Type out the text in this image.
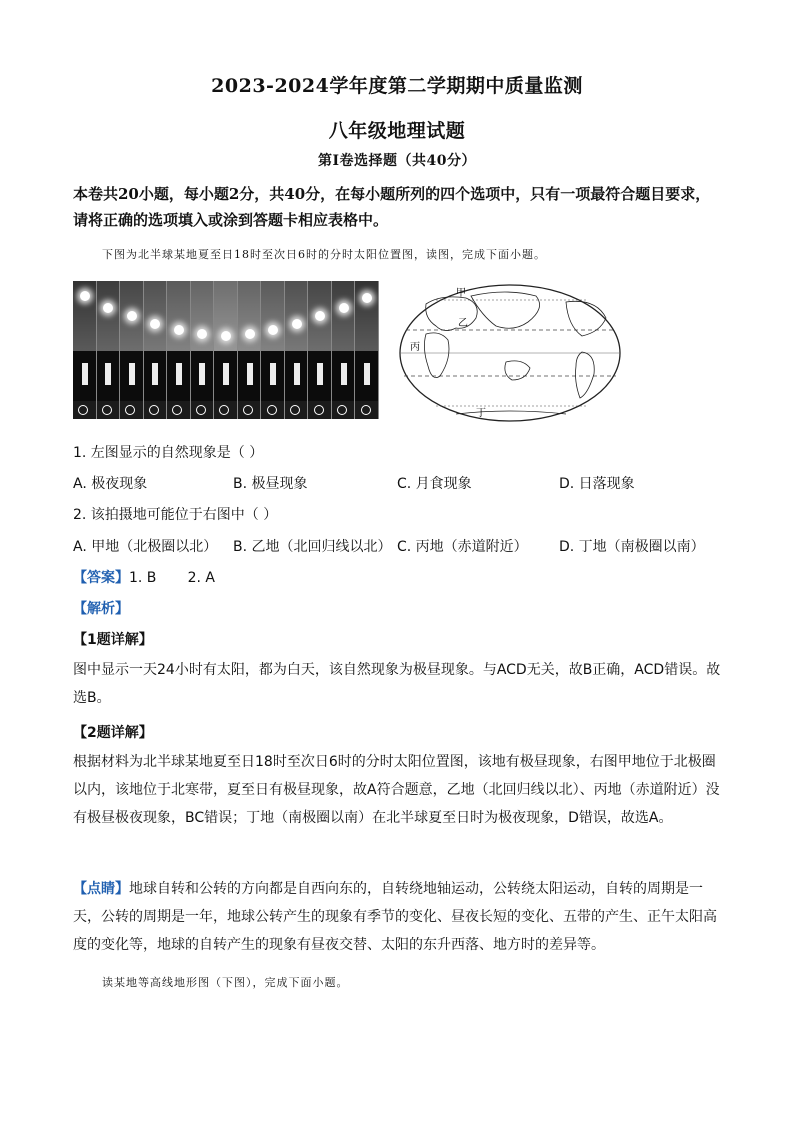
2023-2024学年度第二学期期中质量监测
八年级地理试题
第Ⅰ卷选择题（共40分）
本卷共20小题，每小题2分，共40分，在每小题所列的四个选项中，只有一项最符合题目要求，请将正确的选项填入或涂到答题卡相应表格中。
下图为北半球某地夏至日18时至次日6时的分时太阳位置图，读图，完成下面小题。
甲
乙
丙
丁
1. 左图显示的自然现象是（ ）
A. 极夜现象	B. 极昼现象	C. 月食现象	D. 日落现象
2. 该拍摄地可能位于右图中（ ）
A. 甲地（北极圈以北） B. 乙地（北回归线以北） C. 丙地（赤道附近） D. 丁地（南极圈以南）
【答案】1. B       2. A
【解析】
【1题详解】
图中显示一天24小时有太阳，都为白天，该自然现象为极昼现象。与ACD无关，故B正确，ACD错误。故选B。
【2题详解】
根据材料为北半球某地夏至日18时至次日6时的分时太阳位置图，该地有极昼现象，右图甲地位于北极圈以内，该地位于北寒带，夏至日有极昼现象，故A符合题意，乙地（北回归线以北）、丙地（赤道附近）没有极昼极夜现象，BC错误；丁地（南极圈以南）在北半球夏至日时为极夜现象，D错误，故选A。
【点睛】地球自转和公转的方向都是自西向东的，自转绕地轴运动，公转绕太阳运动，自转的周期是一天，公转的周期是一年，地球公转产生的现象有季节的变化、昼夜长短的变化、五带的产生、正午太阳高度的变化等，地球的自转产生的现象有昼夜交替、太阳的东升西落、地方时的差异等。
读某地等高线地形图（下图），完成下面小题。
